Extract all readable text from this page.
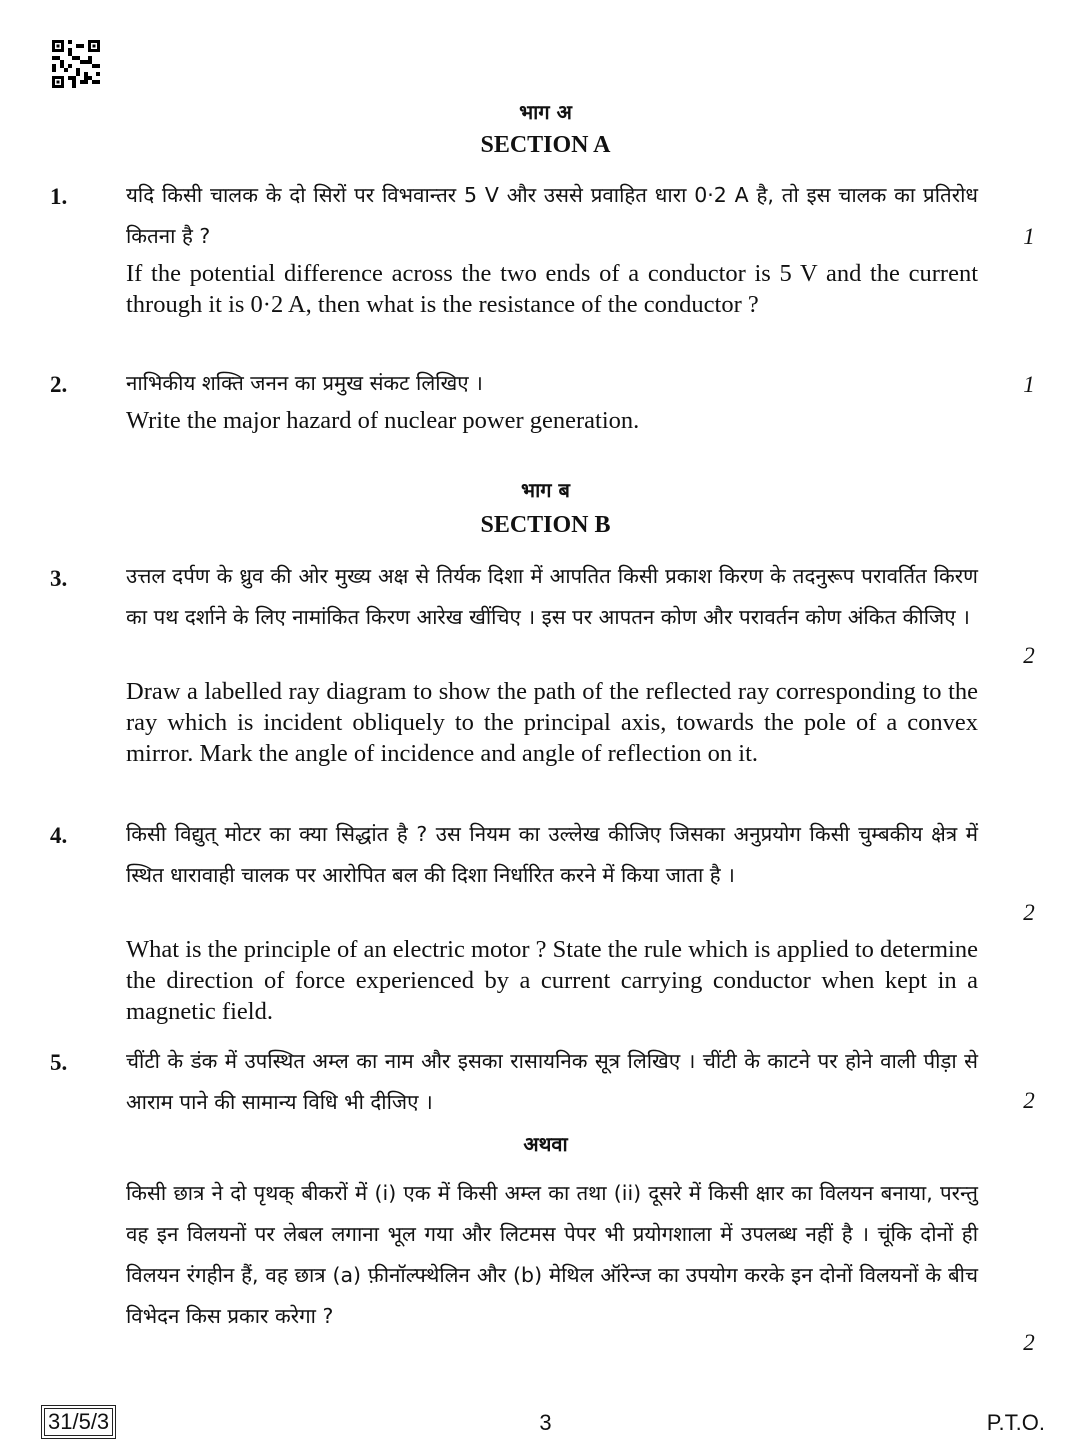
भाग अ
SECTION A
1.	यदि किसी चालक के दो सिरों पर विभवान्तर 5 V और उससे प्रवाहित धारा 0·2 A है, तो इस चालक का प्रतिरोध कितना है ?	1
If the potential difference across the two ends of a conductor is 5 V and the current through it is 0·2 A, then what is the resistance of the conductor ?
2.	नाभिकीय शक्ति जनन का प्रमुख संकट लिखिए ।	1
Write the major hazard of nuclear power generation.
भाग ब
SECTION B
3.	उत्तल दर्पण के ध्रुव की ओर मुख्य अक्ष से तिर्यक दिशा में आपतित किसी प्रकाश किरण के तदनुरूप परावर्तित किरण का पथ दर्शाने के लिए नामांकित किरण आरेख खींचिए । इस पर आपतन कोण और परावर्तन कोण अंकित कीजिए ।
2
Draw a labelled ray diagram to show the path of the reflected ray corresponding to the ray which is incident obliquely to the principal axis, towards the pole of a convex mirror. Mark the angle of incidence and angle of reflection on it.
4.	किसी विद्युत् मोटर का क्या सिद्धांत है ? उस नियम का उल्लेख कीजिए जिसका अनुप्रयोग किसी चुम्बकीय क्षेत्र में स्थित धारावाही चालक पर आरोपित बल की दिशा निर्धारित करने में किया जाता है ।
2
What is the principle of an electric motor ? State the rule which is applied to determine the direction of force experienced by a current carrying conductor when kept in a magnetic field.
5.	चींटी के डंक में उपस्थित अम्ल का नाम और इसका रासायनिक सूत्र लिखिए । चींटी के काटने पर होने वाली पीड़ा से आराम पाने की सामान्य विधि भी दीजिए ।	2
अथवा
किसी छात्र ने दो पृथक् बीकरों में (i) एक में किसी अम्ल का तथा (ii) दूसरे में किसी क्षार का विलयन बनाया, परन्तु वह इन विलयनों पर लेबल लगाना भूल गया और लिटमस पेपर भी प्रयोगशाला में उपलब्ध नहीं है । चूंकि दोनों ही विलयन रंगहीन हैं, वह छात्र (a) फ़ीनॉल्फ्थेलिन और (b) मेथिल ऑरेन्ज का उपयोग करके इन दोनों विलयनों के बीच विभेदन किस प्रकार करेगा ?
2
31/5/3	3	P.T.O.
